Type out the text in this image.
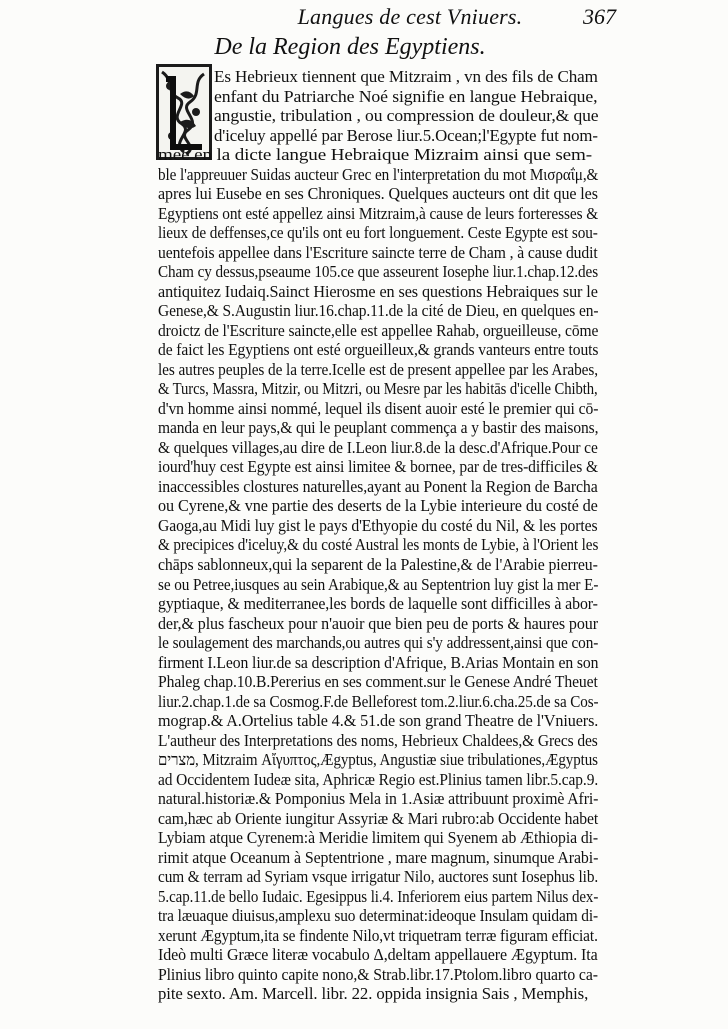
Langues de cest Vniuers.	367
De la Region des Egyptiens.
Es Hebrieux tiennent que Mitzraim , vn des fils de Cham
enfant du Patriarche Noé signifie en langue Hebraique,
angustie, tribulation , ou compression de douleur,& que
d'iceluy appellé par Berose liur.5.Ocean;l'Egypte fut nom-
mee en la dicte langue Hebraique Mizraim ainsi que sem-
ble l'appreuuer Suidas aucteur Grec en l'interpretation du mot Μισραΐμ,&
apres lui Eusebe en ses Chroniques. Quelques aucteurs ont dit que les
Egyptiens ont esté appellez ainsi Mitzraim,à cause de leurs forteresses &
lieux de deffenses,ce qu'ils ont eu fort longuement. Ceste Egypte est sou-
uentefois appellee dans l'Escriture saincte terre de Cham , à cause dudit
Cham cy dessus,pseaume 105.ce que asseurent Iosephe liur.1.chap.12.des
antiquitez Iudaiq.Sainct Hierosme en ses questions Hebraiques sur le
Genese,& S.Augustin liur.16.chap.11.de la cité de Dieu, en quelques en-
droictz de l'Escriture saincte,elle est appellee Rahab, orgueilleuse, cōme
de faict les Egyptiens ont esté orgueilleux,& grands vanteurs entre touts
les autres peuples de la terre.Icelle est de present appellee par les Arabes,
& Turcs, Massra, Mitzir, ou Mitzri, ou Mesre par les habitās d'icelle Chibth,
d'vn homme ainsi nommé, lequel ils disent auoir esté le premier qui cō-
manda en leur pays,& qui le peuplant commença a y bastir des maisons,
& quelques villages,au dire de I.Leon liur.8.de la desc.d'Afrique.Pour ce
iourd'huy cest Egypte est ainsi limitee & bornee, par de tres-difficiles &
inaccessibles clostures naturelles,ayant au Ponent la Region de Barcha
ou Cyrene,& vne partie des deserts de la Lybie interieure du costé de
Gaoga,au Midi luy gist le pays d'Ethyopie du costé du Nil, & les portes
& precipices d'iceluy,& du costé Austral les monts de Lybie, à l'Orient les
chāps sablonneux,qui la separent de la Palestine,& de l'Arabie pierreu-
se ou Petree,iusques au sein Arabique,& au Septentrion luy gist la mer E-
gyptiaque, & mediterranee,les bords de laquelle sont difficilles à abor-
der,& plus fascheux pour n'auoir que bien peu de ports & haures pour
le soulagement des marchands,ou autres qui s'y addressent,ainsi que con-
firment I.Leon liur.de sa description d'Afrique, B.Arias Montain en son
Phaleg chap.10.B.Pererius en ses comment.sur le Genese André Theuet
liur.2.chap.1.de sa Cosmog.F.de Belleforest tom.2.liur.6.cha.25.de sa Cos-
mograp.& A.Ortelius table 4.& 51.de son grand Theatre de l'Vniuers.
L'autheur des Interpretations des noms, Hebrieux Chaldees,& Grecs des
מצרים, Mitzraim Αἴγυπτος,Ægyptus, Angustiæ siue tribulationes,Ægyptus
ad Occidentem Iudeæ sita, Aphricæ Regio est.Plinius tamen libr.5.cap.9.
natural.historiæ.& Pomponius Mela in 1.Asiæ attribuunt proximè Afri-
cam,hæc ab Oriente iungitur Assyriæ & Mari rubro:ab Occidente habet
Lybiam atque Cyrenem:à Meridie limitem qui Syenem ab Æthiopia di-
rimit atque Oceanum à Septentrione , mare magnum, sinumque Arabi-
cum & terram ad Syriam vsque irrigatur Nilo, auctores sunt Iosephus lib.
5.cap.11.de bello Iudaic. Egesippus li.4. Inferiorem eius partem Nilus dex-
tra læuaque diuisus,amplexu suo determinat:ideoque Insulam quidam di-
xerunt Ægyptum,ita se findente Nilo,vt triquetram terræ figuram efficiat.
Ideò multi Græce literæ vocabulo Δ,deltam appellauere Ægyptum. Ita
Plinius libro quinto capite nono,& Strab.libr.17.Ptolom.libro quarto ca-
pite sexto. Am. Marcell. libr. 22. oppida insignia Sais , Memphis,
